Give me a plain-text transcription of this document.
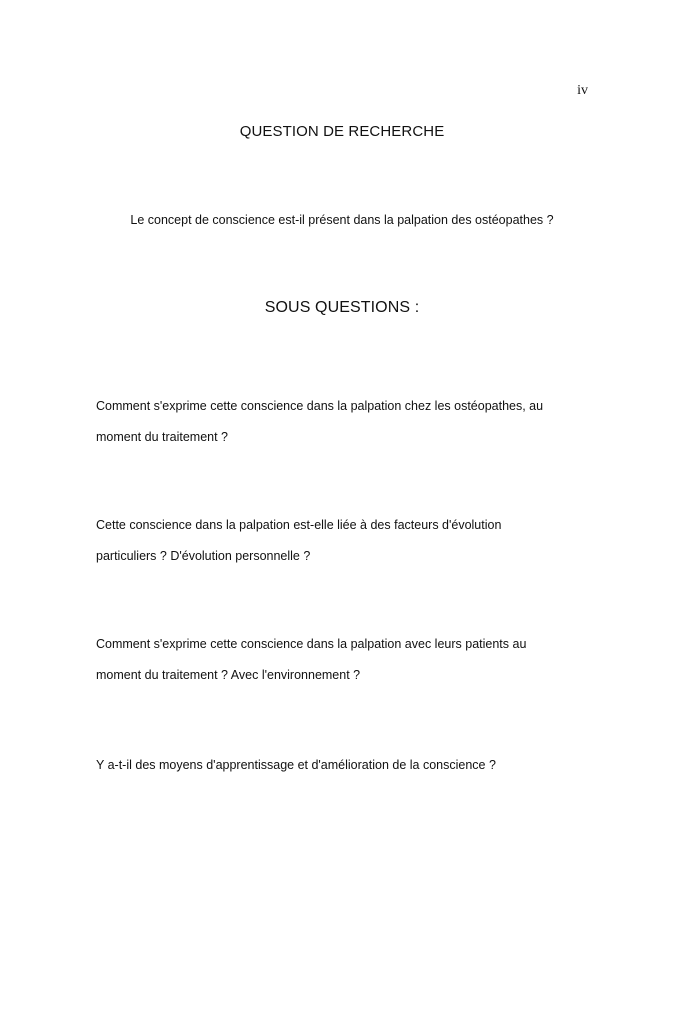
iv
QUESTION DE RECHERCHE
Le concept de conscience est-il présent dans la palpation des ostéopathes ?
SOUS QUESTIONS :
Comment s'exprime cette conscience dans la palpation chez les ostéopathes, au
moment du traitement ?
Cette conscience dans la palpation est-elle liée à des facteurs d'évolution
particuliers ? D'évolution personnelle ?
Comment s'exprime cette conscience dans la palpation avec leurs patients au
moment du traitement ? Avec l'environnement ?
Y a-t-il des moyens d'apprentissage et d'amélioration de la conscience ?
